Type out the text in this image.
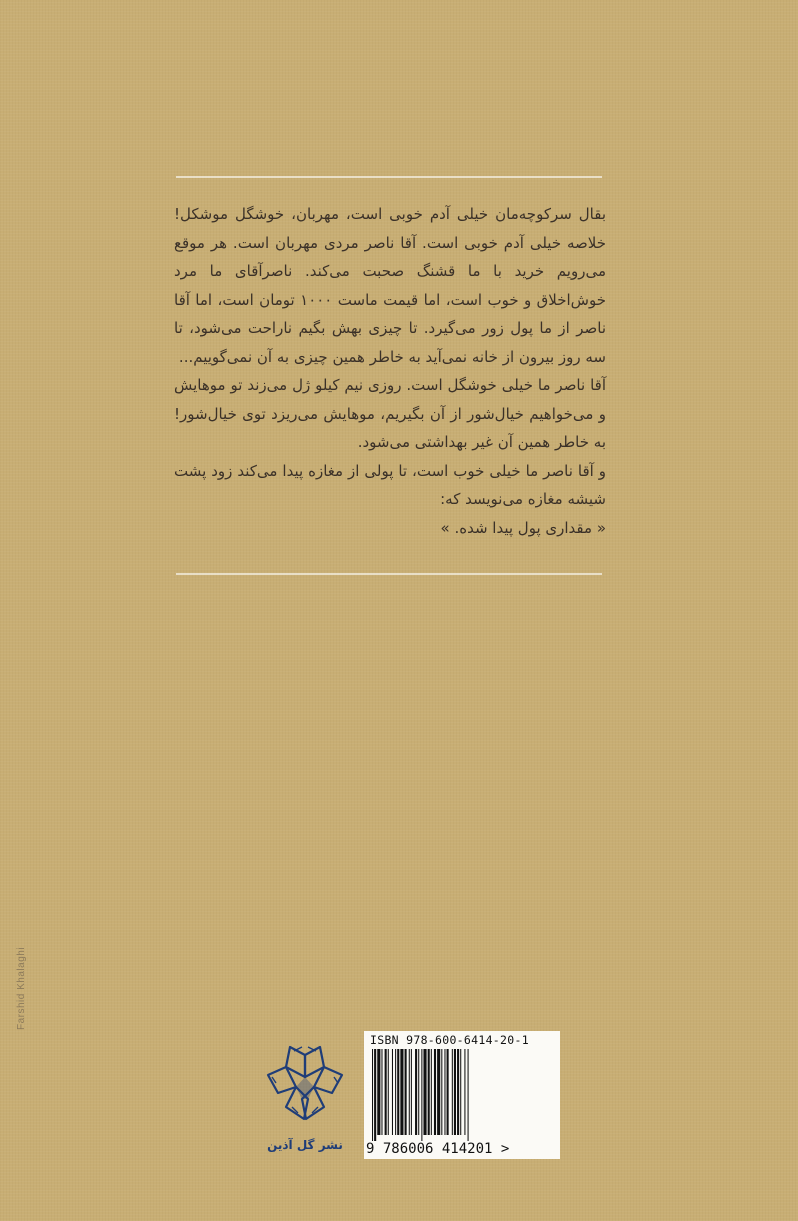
بقال سرکوچه‌مان خیلی آدم خوبی است، مهربان، خوشگل موشکل! خلاصه خیلی آدم خوبی است. آقا ناصر مردی مهربان است. هر موقع می‌رویم خرید با ما قشنگ صحبت می‌کند. ناصرآقای ما مرد خوش‌اخلاق و خوب است، اما قیمت ماست ۱۰۰۰ تومان است، اما آقا ناصر از ما پول زور می‌گیرد. تا چیزی بهش بگیم ناراحت می‌شود، تا سه روز بیرون از خانه نمی‌آید به خاطر همین چیزی به آن نمی‌گوییم...

آقا ناصر ما خیلی خوشگل است. روزی نیم کیلو ژل می‌زند تو موهایش و می‌خواهیم خیال‌شور از آن بگیریم، موهایش می‌ریزد توی خیال‌شور! به خاطر همین آن غیر بهداشتی می‌شود.

و آقا ناصر ما خیلی خوب است، تا پولی از مغازه پیدا می‌کند زود پشت شیشه مغازه می‌نویسد که:

« مقداری پول پیدا شده. »

Farshid Khalaghi
نشر گل آذین
ISBN 978-600-6414-20-1
9 786006 414201 >
